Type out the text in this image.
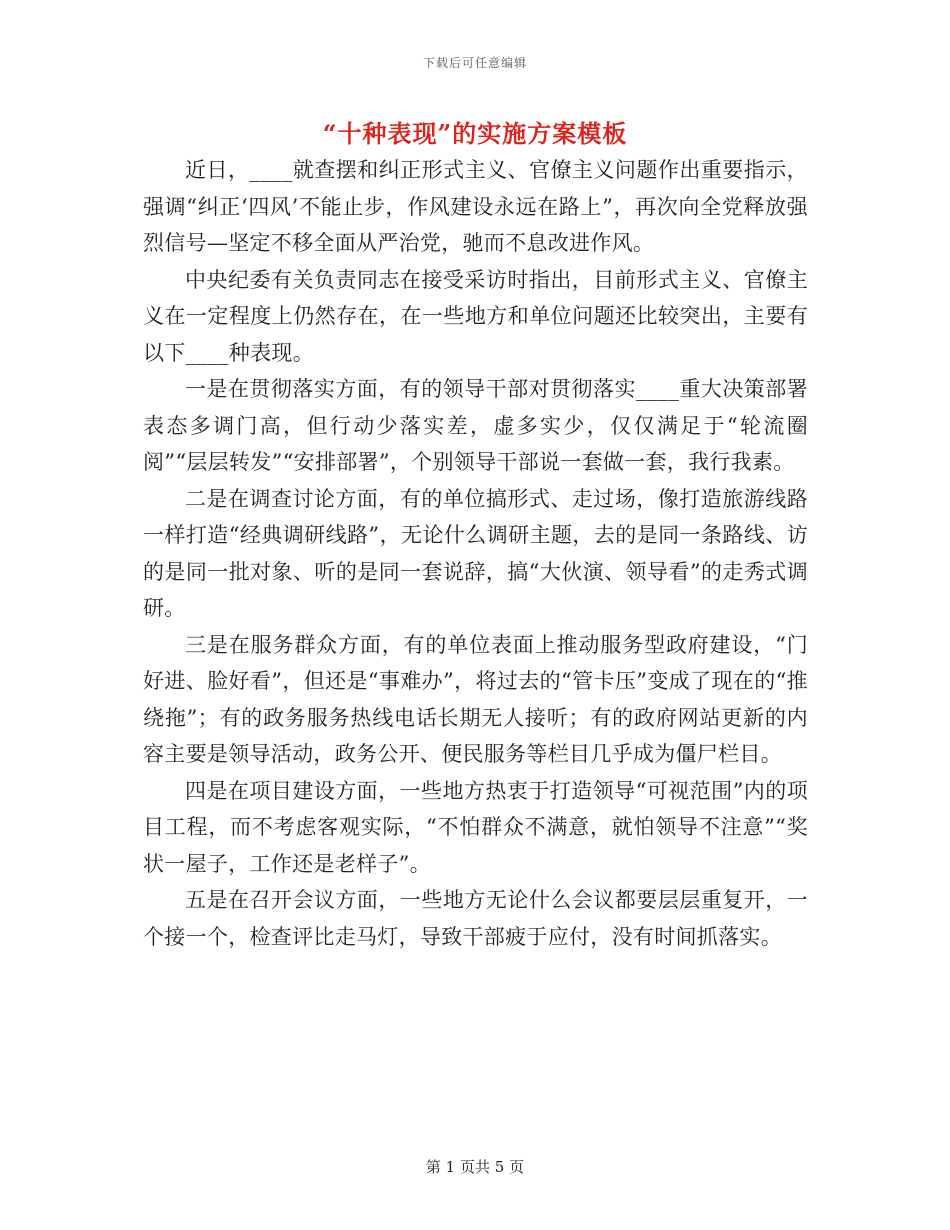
下载后可任意编辑
“十种表现”的实施方案模板

近日，____就查摆和纠正形式主义、官僚主义问题作出重要指示，强调“纠正‘四风’不能止步，作风建设永远在路上”，再次向全党释放强烈信号—坚定不移全面从严治党，驰而不息改进作风。

中央纪委有关负责同志在接受采访时指出，目前形式主义、官僚主义在一定程度上仍然存在，在一些地方和单位问题还比较突出，主要有以下____种表现。

一是在贯彻落实方面，有的领导干部对贯彻落实____重大决策部署表态多调门高，但行动少落实差，虚多实少，仅仅满足于“轮流圈阅”“层层转发”“安排部署”，个别领导干部说一套做一套，我行我素。

二是在调查讨论方面，有的单位搞形式、走过场，像打造旅游线路一样打造“经典调研线路”，无论什么调研主题，去的是同一条路线、访的是同一批对象、听的是同一套说辞，搞“大伙演、领导看”的走秀式调研。

三是在服务群众方面，有的单位表面上推动服务型政府建设，“门好进、脸好看”，但还是“事难办”，将过去的“管卡压”变成了现在的“推绕拖”；有的政务服务热线电话长期无人接听；有的政府网站更新的内容主要是领导活动，政务公开、便民服务等栏目几乎成为僵尸栏目。

四是在项目建设方面，一些地方热衷于打造领导“可视范围”内的项目工程，而不考虑客观实际，“不怕群众不满意，就怕领导不注意”“奖状一屋子，工作还是老样子”。

五是在召开会议方面，一些地方无论什么会议都要层层重复开，一个接一个，检查评比走马灯，导致干部疲于应付，没有时间抓落实。

第 1 页共 5 页
